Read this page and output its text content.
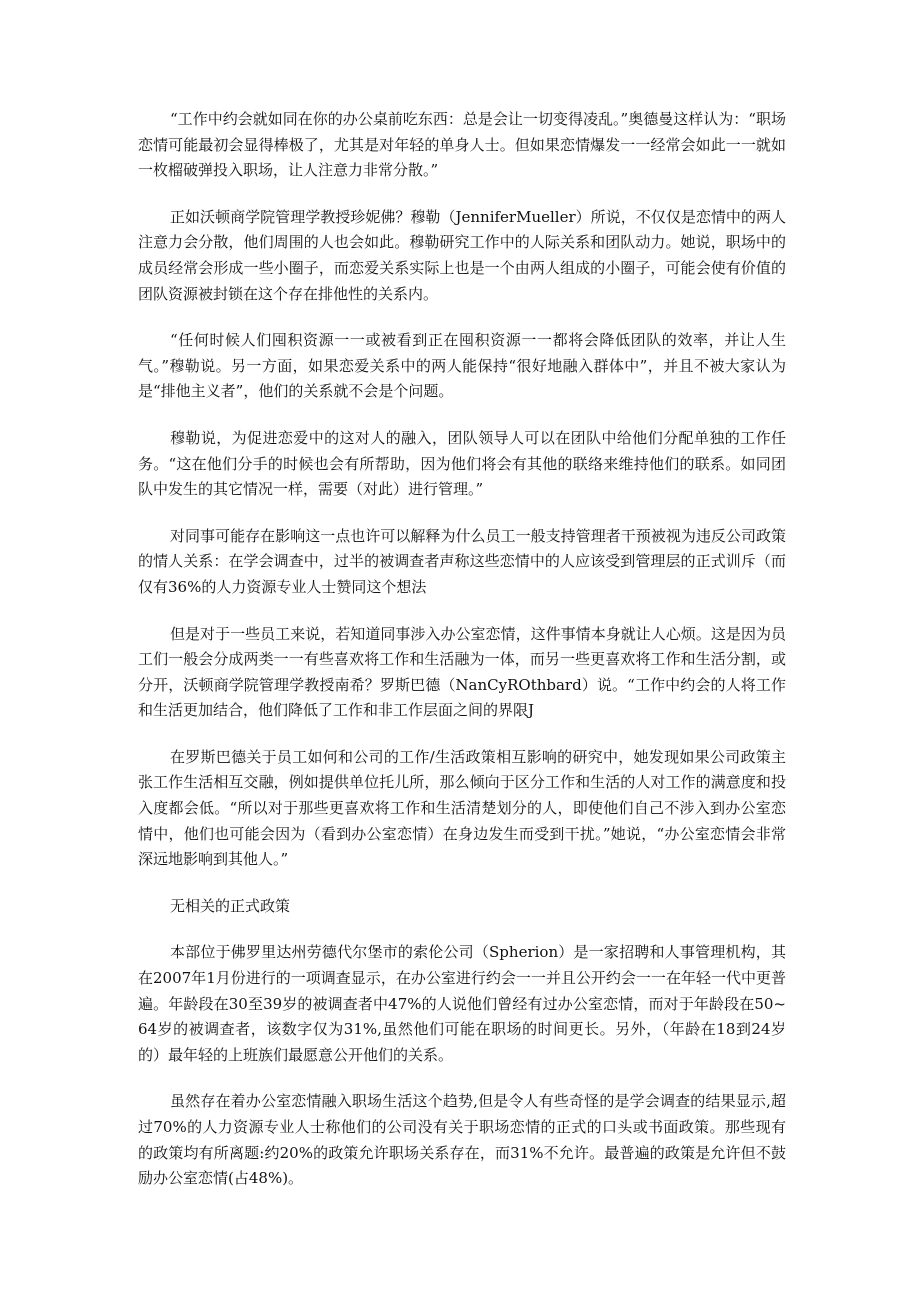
“工作中约会就如同在你的办公桌前吃东西：总是会让一切变得凌乱。”奥德曼这样认为：“职场恋情可能最初会显得棒极了，尤其是对年轻的单身人士。但如果恋情爆发一一经常会如此一一就如一枚榴破弹投入职场，让人注意力非常分散。”

正如沃顿商学院管理学教授珍妮佛？穆勒（JenniferMueller）所说，不仅仅是恋情中的两人注意力会分散，他们周围的人也会如此。穆勒研究工作中的人际关系和团队动力。她说，职场中的成员经常会形成一些小圈子，而恋爱关系实际上也是一个由两人组成的小圈子，可能会使有价值的团队资源被封锁在这个存在排他性的关系内。

“任何时候人们囤积资源一一或被看到正在囤积资源一一都将会降低团队的效率，并让人生气。”穆勒说。另一方面，如果恋爱关系中的两人能保持“很好地融入群体中”，并且不被大家认为是“排他主义者”，他们的关系就不会是个问题。

穆勒说，为促进恋爱中的这对人的融入，团队领导人可以在团队中给他们分配单独的工作任务。“这在他们分手的时候也会有所帮助，因为他们将会有其他的联络来维持他们的联系。如同团队中发生的其它情况一样，需要（对此）进行管理。”

对同事可能存在影响这一点也许可以解释为什么员工一般支持管理者干预被视为违反公司政策的情人关系：在学会调查中，过半的被调查者声称这些恋情中的人应该受到管理层的正式训斥（而仅有36%的人力资源专业人士赞同这个想法

但是对于一些员工来说，若知道同事涉入办公室恋情，这件事情本身就让人心烦。这是因为员工们一般会分成两类一一有些喜欢将工作和生活融为一体，而另一些更喜欢将工作和生活分割，或分开，沃顿商学院管理学教授南希？罗斯巴德（NanCyROthbard）说。“工作中约会的人将工作和生活更加结合，他们降低了工作和非工作层面之间的界限J

在罗斯巴德关于员工如何和公司的工作/生活政策相互影响的研究中，她发现如果公司政策主张工作生活相互交融，例如提供单位托儿所，那么倾向于区分工作和生活的人对工作的满意度和投入度都会低。“所以对于那些更喜欢将工作和生活清楚划分的人，即使他们自己不涉入到办公室恋情中，他们也可能会因为（看到办公室恋情）在身边发生而受到干扰。”她说，“办公室恋情会非常深远地影响到其他人。”

无相关的正式政策

本部位于佛罗里达州劳德代尔堡市的索伦公司（Spherion）是一家招聘和人事管理机构，其在2007年1月份进行的一项调查显示，在办公室进行约会一一并且公开约会一一在年轻一代中更普遍。年龄段在30至39岁的被调查者中47%的人说他们曾经有过办公室恋情，而对于年龄段在50~64岁的被调查者，该数字仅为31%,虽然他们可能在职场的时间更长。另外，（年龄在18到24岁的）最年轻的上班族们最愿意公开他们的关系。

虽然存在着办公室恋情融入职场生活这个趋势,但是令人有些奇怪的是学会调查的结果显示,超过70%的人力资源专业人士称他们的公司没有关于职场恋情的正式的口头或书面政策。那些现有的政策均有所离题:约20%的政策允许职场关系存在，而31%不允许。最普遍的政策是允许但不鼓励办公室恋情(占48%)。
